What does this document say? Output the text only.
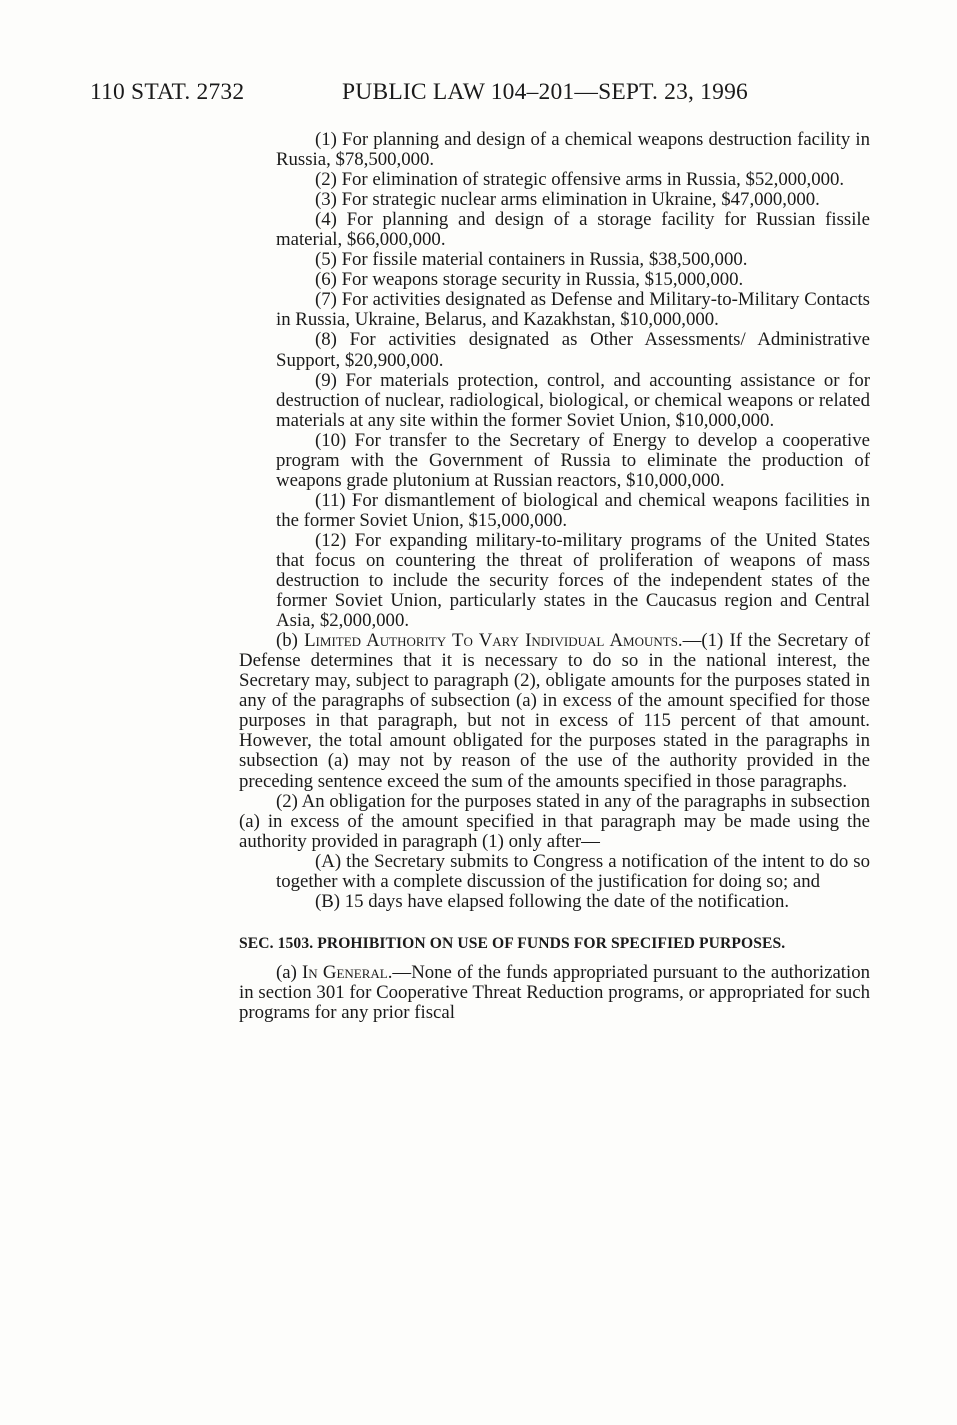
110 STAT. 2732	PUBLIC LAW 104–201—SEPT. 23, 1996

(1) For planning and design of a chemical weapons destruction facility in Russia, $78,500,000.

(2) For elimination of strategic offensive arms in Russia, $52,000,000.

(3) For strategic nuclear arms elimination in Ukraine, $47,000,000.

(4) For planning and design of a storage facility for Russian fissile material, $66,000,000.

(5) For fissile material containers in Russia, $38,500,000.

(6) For weapons storage security in Russia, $15,000,000.

(7) For activities designated as Defense and Military-to-Military Contacts in Russia, Ukraine, Belarus, and Kazakhstan, $10,000,000.

(8) For activities designated as Other Assessments/ Administrative Support, $20,900,000.

(9) For materials protection, control, and accounting assistance or for destruction of nuclear, radiological, biological, or chemical weapons or related materials at any site within the former Soviet Union, $10,000,000.

(10) For transfer to the Secretary of Energy to develop a cooperative program with the Government of Russia to eliminate the production of weapons grade plutonium at Russian reactors, $10,000,000.

(11) For dismantlement of biological and chemical weapons facilities in the former Soviet Union, $15,000,000.

(12) For expanding military-to-military programs of the United States that focus on countering the threat of proliferation of weapons of mass destruction to include the security forces of the independent states of the former Soviet Union, particularly states in the Caucasus region and Central Asia, $2,000,000.

(b) Limited Authority To Vary Individual Amounts.—(1) If the Secretary of Defense determines that it is necessary to do so in the national interest, the Secretary may, subject to paragraph (2), obligate amounts for the purposes stated in any of the paragraphs of subsection (a) in excess of the amount specified for those purposes in that paragraph, but not in excess of 115 percent of that amount. However, the total amount obligated for the purposes stated in the paragraphs in subsection (a) may not by reason of the use of the authority provided in the preceding sentence exceed the sum of the amounts specified in those paragraphs.

(2) An obligation for the purposes stated in any of the paragraphs in subsection (a) in excess of the amount specified in that paragraph may be made using the authority provided in paragraph (1) only after—

(A) the Secretary submits to Congress a notification of the intent to do so together with a complete discussion of the justification for doing so; and

(B) 15 days have elapsed following the date of the notification.

SEC. 1503. PROHIBITION ON USE OF FUNDS FOR SPECIFIED PURPOSES.

(a) In General.—None of the funds appropriated pursuant to the authorization in section 301 for Cooperative Threat Reduction programs, or appropriated for such programs for any prior fiscal
